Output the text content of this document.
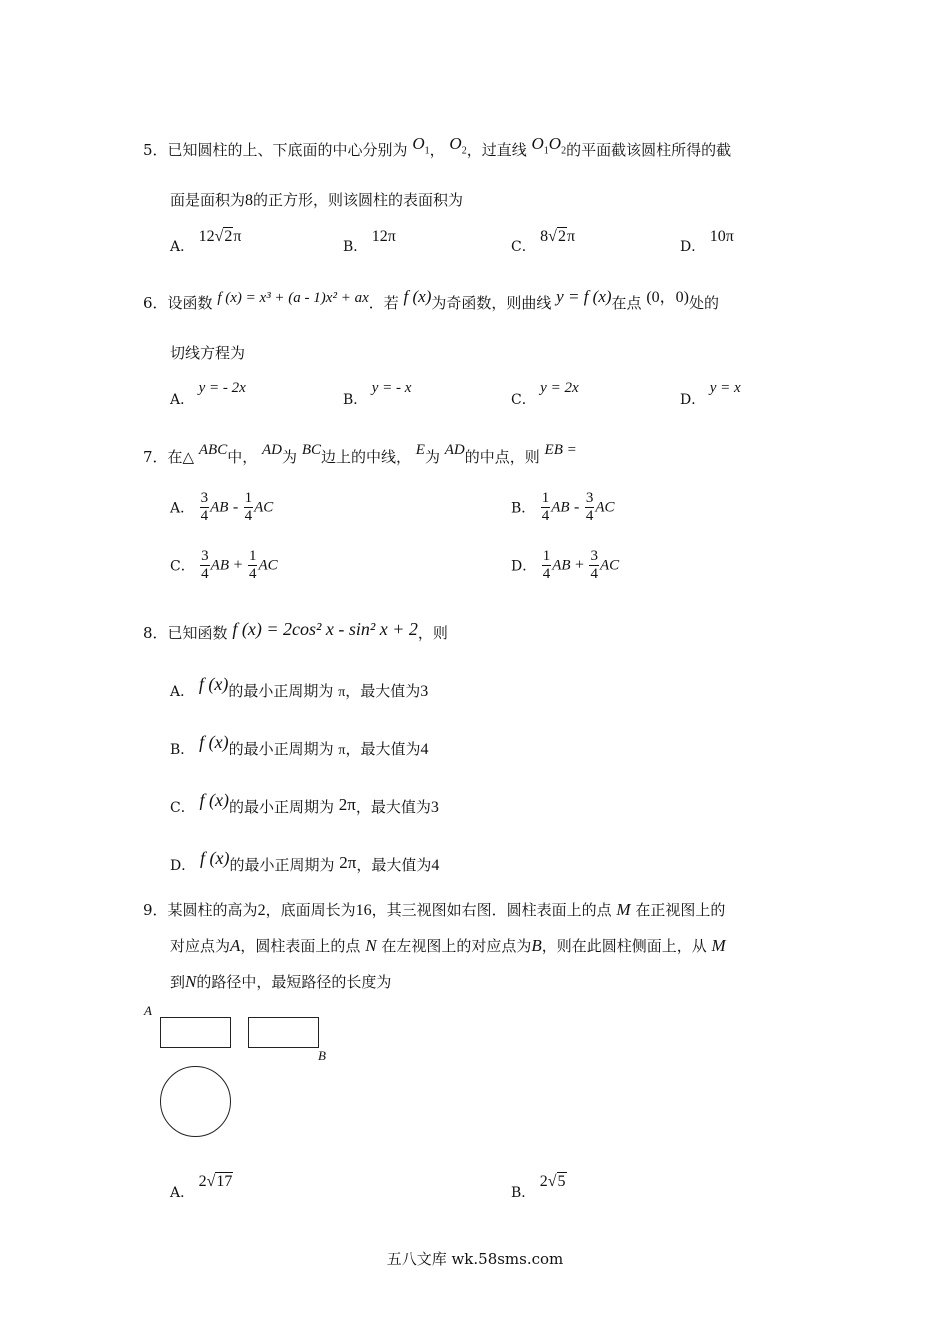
5．已知圆柱的上、下底面的中心分别为 $O_1$， $O_2$，过直线 $O_1O_2$的平面截该圆柱所得的截
面是面积为8的正方形，则该圆柱的表面积为
A． 12√2π
B． 12π
C． 8√2π
D． 10π
6．设函数 f (x) = x³ + (a - 1)x² + ax．若 f (x)为奇函数，则曲线 y = f (x)在点 (0，0)处的
切线方程为
A． y = - 2x
B． y = - x
C． y = 2x
D． y = x
7．在△ ABC中， AD为 BC边上的中线， E为 AD的中点，则 EB =
A． $\frac{3}{4}$ AB - $\frac{1}{4}$ AC	B． $\frac{1}{4}$ AB - $\frac{3}{4}$ AC
C． $\frac{3}{4}$ AB + $\frac{1}{4}$ AC	D． $\frac{1}{4}$ AB + $\frac{3}{4}$ AC
8．已知函数 f (x) = 2cos² x - sin² x + 2，则
A． f (x)的最小正周期为 π，最大值为3
B． f (x)的最小正周期为 π，最大值为4
C． f (x)的最小正周期为 2π，最大值为3
D． f (x)的最小正周期为 2π，最大值为4
9．某圆柱的高为2，底面周长为16，其三视图如右图．圆柱表面上的点 M 在正视图上的
对应点为A，圆柱表面上的点 N 在左视图上的对应点为B，则在此圆柱侧面上，从 M
到N的路径中，最短路径的长度为
A
B
A． 2√17
B． 2√5
五八文库 wk.58sms.com
